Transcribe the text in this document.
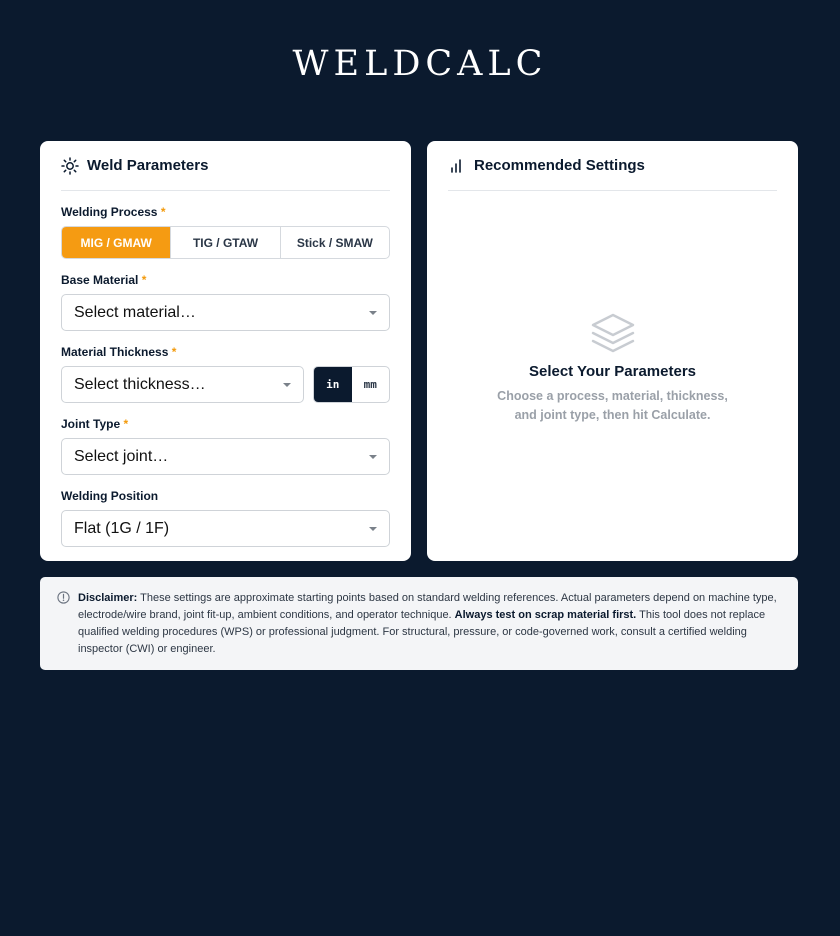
WELDCALC
Weld Parameters
Welding Process *
MIG / GMAW	TIG / GTAW	Stick / SMAW
Base Material *
Select material…
Material Thickness *
Select thickness…	in	mm
Joint Type *
Select joint…
Welding Position
Flat (1G / 1F)
Recommended Settings
Select Your Parameters
Choose a process, material, thickness, and joint type, then hit Calculate.
Disclaimer: These settings are approximate starting points based on standard welding references. Actual parameters depend on machine type, electrode/wire brand, joint fit-up, ambient conditions, and operator technique. Always test on scrap material first. This tool does not replace qualified welding procedures (WPS) or professional judgment. For structural, pressure, or code-governed work, consult a certified welding inspector (CWI) or engineer.
